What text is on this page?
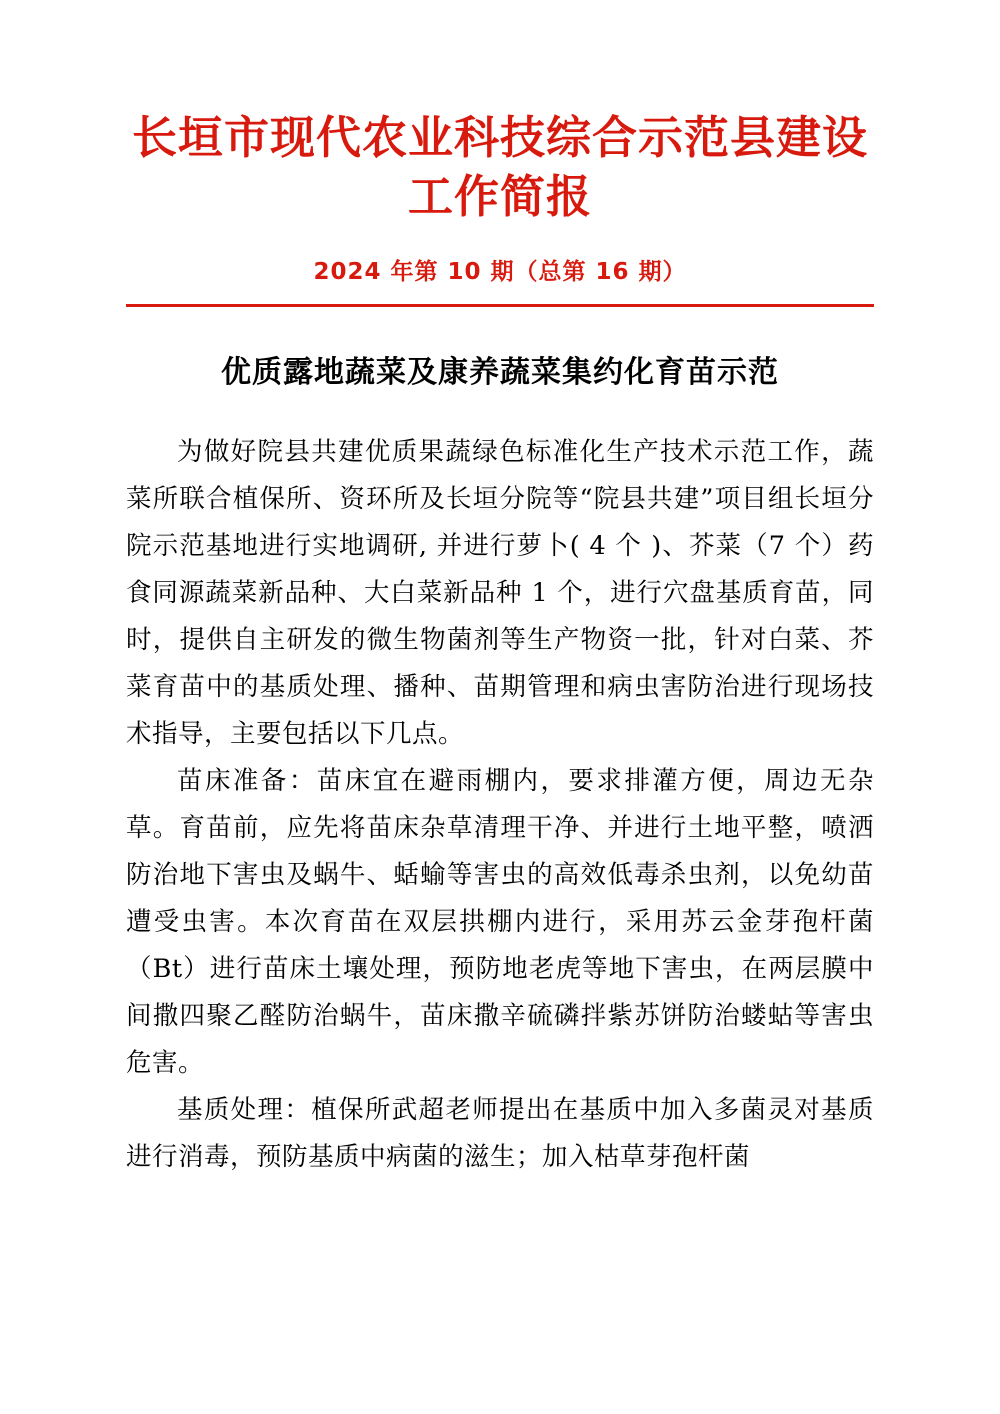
长垣市现代农业科技综合示范县建设
工作简报
2024 年第 10 期（总第 16 期）
优质露地蔬菜及康养蔬菜集约化育苗示范

为做好院县共建优质果蔬绿色标准化生产技术示范工作，蔬菜所联合植保所、资环所及长垣分院等“院县共建”项目组长垣分院示范基地进行实地调研, 并进行萝卜( 4 个 )、芥菜（7 个）药食同源蔬菜新品种、大白菜新品种 1 个，进行穴盘基质育苗，同时，提供自主研发的微生物菌剂等生产物资一批，针对白菜、芥菜育苗中的基质处理、播种、苗期管理和病虫害防治进行现场技术指导，主要包括以下几点。

苗床准备：苗床宜在避雨棚内，要求排灌方便，周边无杂草。育苗前，应先将苗床杂草清理干净、并进行土地平整，喷洒防治地下害虫及蜗牛、蛞蝓等害虫的高效低毒杀虫剂，以免幼苗遭受虫害。本次育苗在双层拱棚内进行，采用苏云金芽孢杆菌（Bt）进行苗床土壤处理，预防地老虎等地下害虫，在两层膜中间撒四聚乙醛防治蜗牛，苗床撒辛硫磷拌紫苏饼防治蝼蛄等害虫危害。

基质处理：植保所武超老师提出在基质中加入多菌灵对基质进行消毒，预防基质中病菌的滋生；加入枯草芽孢杆菌
